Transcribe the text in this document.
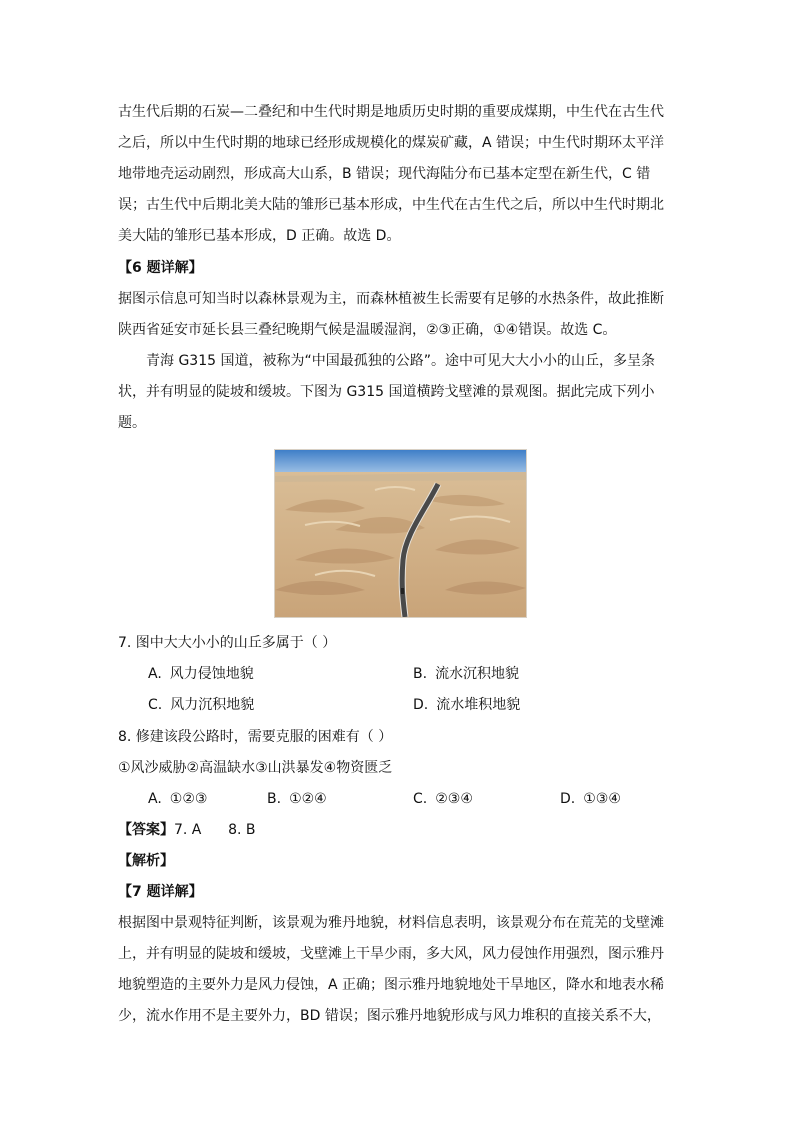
古生代后期的石炭—二叠纪和中生代时期是地质历史时期的重要成煤期，中生代在古生代

之后，所以中生代时期的地球已经形成规模化的煤炭矿藏，A 错误；中生代时期环太平洋

地带地壳运动剧烈，形成高大山系，B 错误；现代海陆分布已基本定型在新生代，C 错

误；古生代中后期北美大陆的雏形已基本形成，中生代在古生代之后，所以中生代时期北

美大陆的雏形已基本形成，D 正确。故选 D。

【6 题详解】

据图示信息可知当时以森林景观为主，而森林植被生长需要有足够的水热条件，故此推断

陕西省延安市延长县三叠纪晚期气候是温暖湿润，②③正确，①④错误。故选 C。

青海 G315 国道，被称为“中国最孤独的公路”。途中可见大大小小的山丘，多呈条

状，并有明显的陡坡和缓坡。下图为 G315 国道横跨戈壁滩的景观图。据此完成下列小

题。

7. 图中大大小小的山丘多属于（ ）

A. 风力侵蚀地貌	B. 流水沉积地貌
C. 风力沉积地貌	D. 流水堆积地貌

8. 修建该段公路时，需要克服的困难有（ ）

①风沙威胁②高温缺水③山洪暴发④物资匮乏

A. ①②③	B. ①②④	C. ②③④	D. ①③④

【答案】7. A      8. B

【解析】

【7 题详解】

根据图中景观特征判断，该景观为雅丹地貌，材料信息表明，该景观分布在荒芜的戈壁滩

上，并有明显的陡坡和缓坡，戈壁滩上干旱少雨，多大风，风力侵蚀作用强烈，图示雅丹

地貌塑造的主要外力是风力侵蚀，A 正确；图示雅丹地貌地处干旱地区，降水和地表水稀

少，流水作用不是主要外力，BD 错误；图示雅丹地貌形成与风力堆积的直接关系不大，
